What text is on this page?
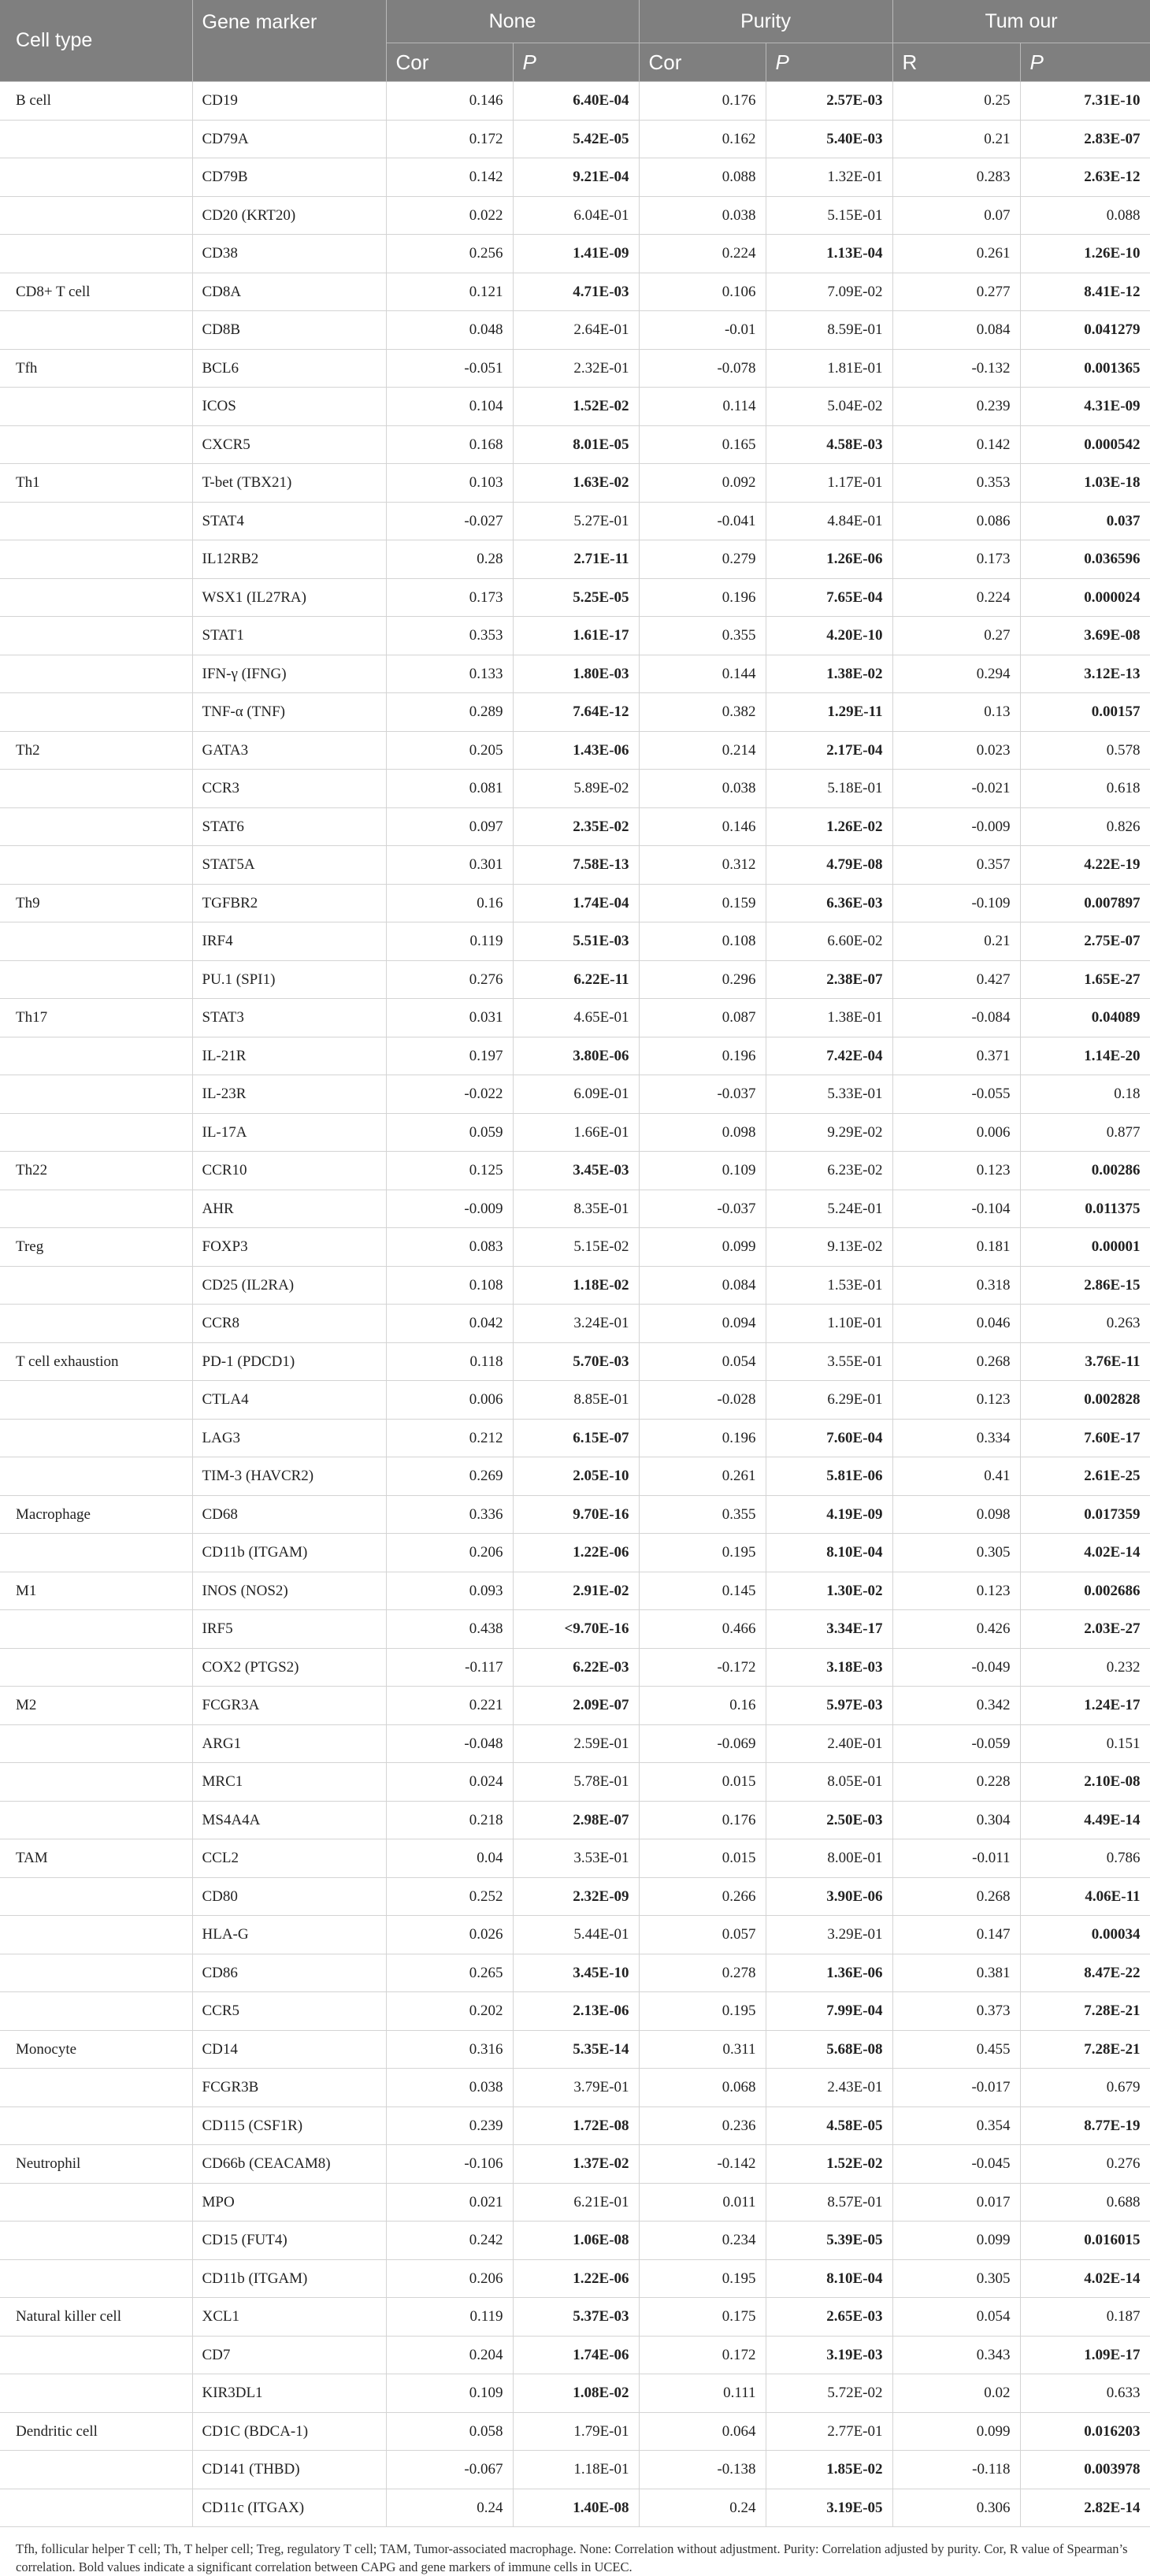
Cell type	Gene marker	None		Purity		Tum our	
		Cor	P	Cor	P	R	P
B cell	CD19	0.146	6.40E-04	0.176	2.57E-03	0.25	7.31E-10
	CD79A	0.172	5.42E-05	0.162	5.40E-03	0.21	2.83E-07
	CD79B	0.142	9.21E-04	0.088	1.32E-01	0.283	2.63E-12
	CD20 (KRT20)	0.022	6.04E-01	0.038	5.15E-01	0.07	0.088
	CD38	0.256	1.41E-09	0.224	1.13E-04	0.261	1.26E-10
CD8+ T cell	CD8A	0.121	4.71E-03	0.106	7.09E-02	0.277	8.41E-12
	CD8B	0.048	2.64E-01	-0.01	8.59E-01	0.084	0.041279
Tfh	BCL6	-0.051	2.32E-01	-0.078	1.81E-01	-0.132	0.001365
	ICOS	0.104	1.52E-02	0.114	5.04E-02	0.239	4.31E-09
	CXCR5	0.168	8.01E-05	0.165	4.58E-03	0.142	0.000542
Th1	T-bet (TBX21)	0.103	1.63E-02	0.092	1.17E-01	0.353	1.03E-18
	STAT4	-0.027	5.27E-01	-0.041	4.84E-01	0.086	0.037
	IL12RB2	0.28	2.71E-11	0.279	1.26E-06	0.173	0.036596
	WSX1 (IL27RA)	0.173	5.25E-05	0.196	7.65E-04	0.224	0.000024
	STAT1	0.353	1.61E-17	0.355	4.20E-10	0.27	3.69E-08
	IFN-γ (IFNG)	0.133	1.80E-03	0.144	1.38E-02	0.294	3.12E-13
	TNF-α (TNF)	0.289	7.64E-12	0.382	1.29E-11	0.13	0.00157
Th2	GATA3	0.205	1.43E-06	0.214	2.17E-04	0.023	0.578
	CCR3	0.081	5.89E-02	0.038	5.18E-01	-0.021	0.618
	STAT6	0.097	2.35E-02	0.146	1.26E-02	-0.009	0.826
	STAT5A	0.301	7.58E-13	0.312	4.79E-08	0.357	4.22E-19
Th9	TGFBR2	0.16	1.74E-04	0.159	6.36E-03	-0.109	0.007897
	IRF4	0.119	5.51E-03	0.108	6.60E-02	0.21	2.75E-07
	PU.1 (SPI1)	0.276	6.22E-11	0.296	2.38E-07	0.427	1.65E-27
Th17	STAT3	0.031	4.65E-01	0.087	1.38E-01	-0.084	0.04089
	IL-21R	0.197	3.80E-06	0.196	7.42E-04	0.371	1.14E-20
	IL-23R	-0.022	6.09E-01	-0.037	5.33E-01	-0.055	0.18
	IL-17A	0.059	1.66E-01	0.098	9.29E-02	0.006	0.877
Th22	CCR10	0.125	3.45E-03	0.109	6.23E-02	0.123	0.00286
	AHR	-0.009	8.35E-01	-0.037	5.24E-01	-0.104	0.011375
Treg	FOXP3	0.083	5.15E-02	0.099	9.13E-02	0.181	0.00001
	CD25 (IL2RA)	0.108	1.18E-02	0.084	1.53E-01	0.318	2.86E-15
	CCR8	0.042	3.24E-01	0.094	1.10E-01	0.046	0.263
T cell exhaustion	PD-1 (PDCD1)	0.118	5.70E-03	0.054	3.55E-01	0.268	3.76E-11
	CTLA4	0.006	8.85E-01	-0.028	6.29E-01	0.123	0.002828
	LAG3	0.212	6.15E-07	0.196	7.60E-04	0.334	7.60E-17
	TIM-3 (HAVCR2)	0.269	2.05E-10	0.261	5.81E-06	0.41	2.61E-25
Macrophage	CD68	0.336	9.70E-16	0.355	4.19E-09	0.098	0.017359
	CD11b (ITGAM)	0.206	1.22E-06	0.195	8.10E-04	0.305	4.02E-14
M1	INOS (NOS2)	0.093	2.91E-02	0.145	1.30E-02	0.123	0.002686
	IRF5	0.438	<9.70E-16	0.466	3.34E-17	0.426	2.03E-27
	COX2 (PTGS2)	-0.117	6.22E-03	-0.172	3.18E-03	-0.049	0.232
M2	FCGR3A	0.221	2.09E-07	0.16	5.97E-03	0.342	1.24E-17
	ARG1	-0.048	2.59E-01	-0.069	2.40E-01	-0.059	0.151
	MRC1	0.024	5.78E-01	0.015	8.05E-01	0.228	2.10E-08
	MS4A4A	0.218	2.98E-07	0.176	2.50E-03	0.304	4.49E-14
TAM	CCL2	0.04	3.53E-01	0.015	8.00E-01	-0.011	0.786
	CD80	0.252	2.32E-09	0.266	3.90E-06	0.268	4.06E-11
	HLA-G	0.026	5.44E-01	0.057	3.29E-01	0.147	0.00034
	CD86	0.265	3.45E-10	0.278	1.36E-06	0.381	8.47E-22
	CCR5	0.202	2.13E-06	0.195	7.99E-04	0.373	7.28E-21
Monocyte	CD14	0.316	5.35E-14	0.311	5.68E-08	0.455	7.28E-21
	FCGR3B	0.038	3.79E-01	0.068	2.43E-01	-0.017	0.679
	CD115 (CSF1R)	0.239	1.72E-08	0.236	4.58E-05	0.354	8.77E-19
Neutrophil	CD66b (CEACAM8)	-0.106	1.37E-02	-0.142	1.52E-02	-0.045	0.276
	MPO	0.021	6.21E-01	0.011	8.57E-01	0.017	0.688
	CD15 (FUT4)	0.242	1.06E-08	0.234	5.39E-05	0.099	0.016015
	CD11b (ITGAM)	0.206	1.22E-06	0.195	8.10E-04	0.305	4.02E-14
Natural killer cell	XCL1	0.119	5.37E-03	0.175	2.65E-03	0.054	0.187
	CD7	0.204	1.74E-06	0.172	3.19E-03	0.343	1.09E-17
	KIR3DL1	0.109	1.08E-02	0.111	5.72E-02	0.02	0.633
Dendritic cell	CD1C (BDCA-1)	0.058	1.79E-01	0.064	2.77E-01	0.099	0.016203
	CD141 (THBD)	-0.067	1.18E-01	-0.138	1.85E-02	-0.118	0.003978
	CD11c (ITGAX)	0.24	1.40E-08	0.24	3.19E-05	0.306	2.82E-14
Tfh, follicular helper T cell; Th, T helper cell; Treg, regulatory T cell; TAM, Tumor-associated macrophage. None: Correlation without adjustment. Purity: Correlation adjusted by purity. Cor, R value of Spearman’s correlation. Bold values indicate a significant correlation between CAPG and gene markers of immune cells in UCEC.
